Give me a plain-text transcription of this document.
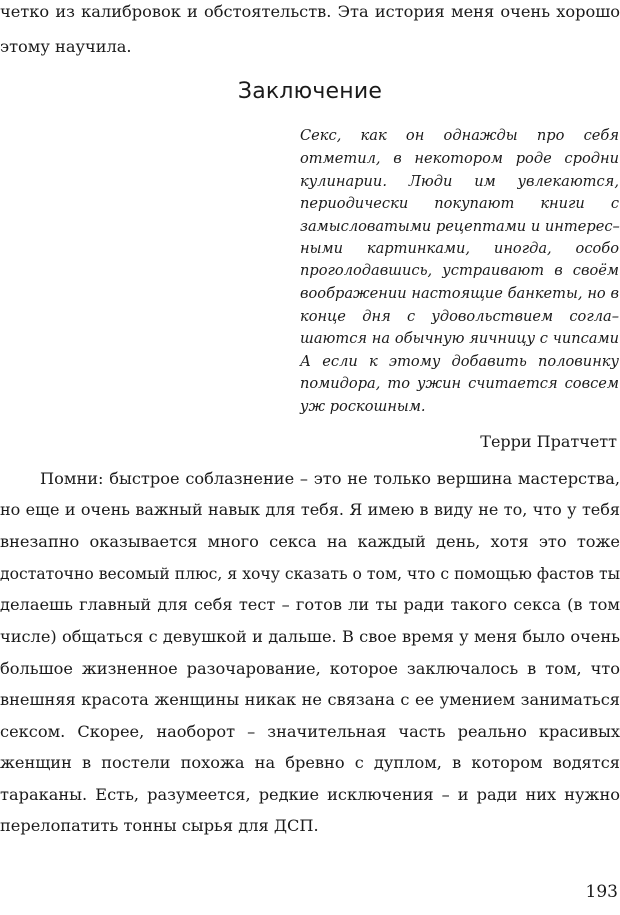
четко из калибровок и обстоятельств. Эта история меня очень хорошо
этому научила.
Заключение
Секс, как он однажды про себя
отметил, в некотором роде сродни
кулинарии. Люди им увлекаются,
периодически покупают книги с
замысловатыми рецептами и интерес–
ными картинками, иногда, особо
проголодавшись, устраивают в своём
воображении настоящие банкеты, но в
конце дня с удовольствием согла–
шаются на обычную яичницу с чипсами
А если к этому добавить половинку
помидора, то ужин считается совсем
уж роскошным.
Терри Пратчетт
Помни: быстрое соблазнение – это не только вершина мастерства,
но еще и очень важный навык для тебя. Я имею в виду не то, что у тебя
внезапно оказывается много секса на каждый день, хотя это тоже
достаточно весомый плюс, я хочу сказать о том, что с помощью фастов ты
делаешь главный для себя тест – готов ли ты ради такого секса (в том
числе) общаться с девушкой и дальше. В свое время у меня было очень
большое жизненное разочарование, которое заключалось в том, что
внешняя красота женщины никак не связана с ее умением заниматься
сексом. Скорее, наоборот – значительная часть реально красивых
женщин в постели похожа на бревно с дуплом, в котором водятся
тараканы. Есть, разумеется, редкие исключения – и ради них нужно
перелопатить тонны сырья для ДСП.
193
